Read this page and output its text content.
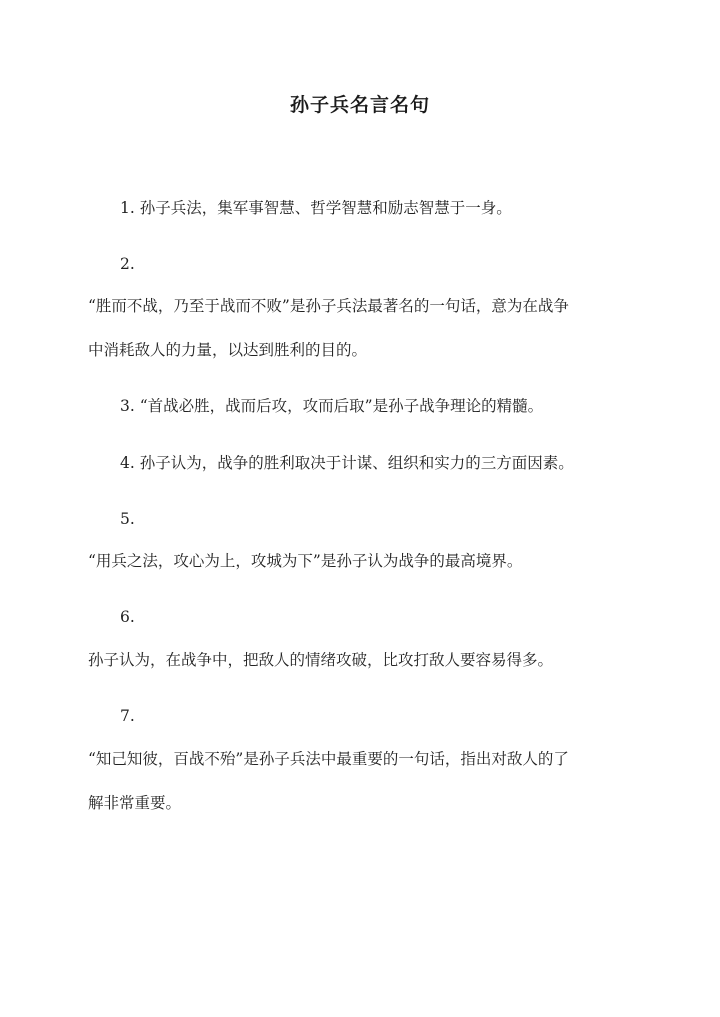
孙子兵名言名句
1. 孙子兵法，集军事智慧、哲学智慧和励志智慧于一身。
2.
“胜而不战，乃至于战而不败”是孙子兵法最著名的一句话，意为在战争
中消耗敌人的力量，以达到胜利的目的。
3. “首战必胜，战而后攻，攻而后取”是孙子战争理论的精髓。
4. 孙子认为，战争的胜利取决于计谋、组织和实力的三方面因素。
5.
“用兵之法，攻心为上，攻城为下”是孙子认为战争的最高境界。
6.
孙子认为，在战争中，把敌人的情绪攻破，比攻打敌人要容易得多。
7.
“知己知彼，百战不殆”是孙子兵法中最重要的一句话，指出对敌人的了
解非常重要。
